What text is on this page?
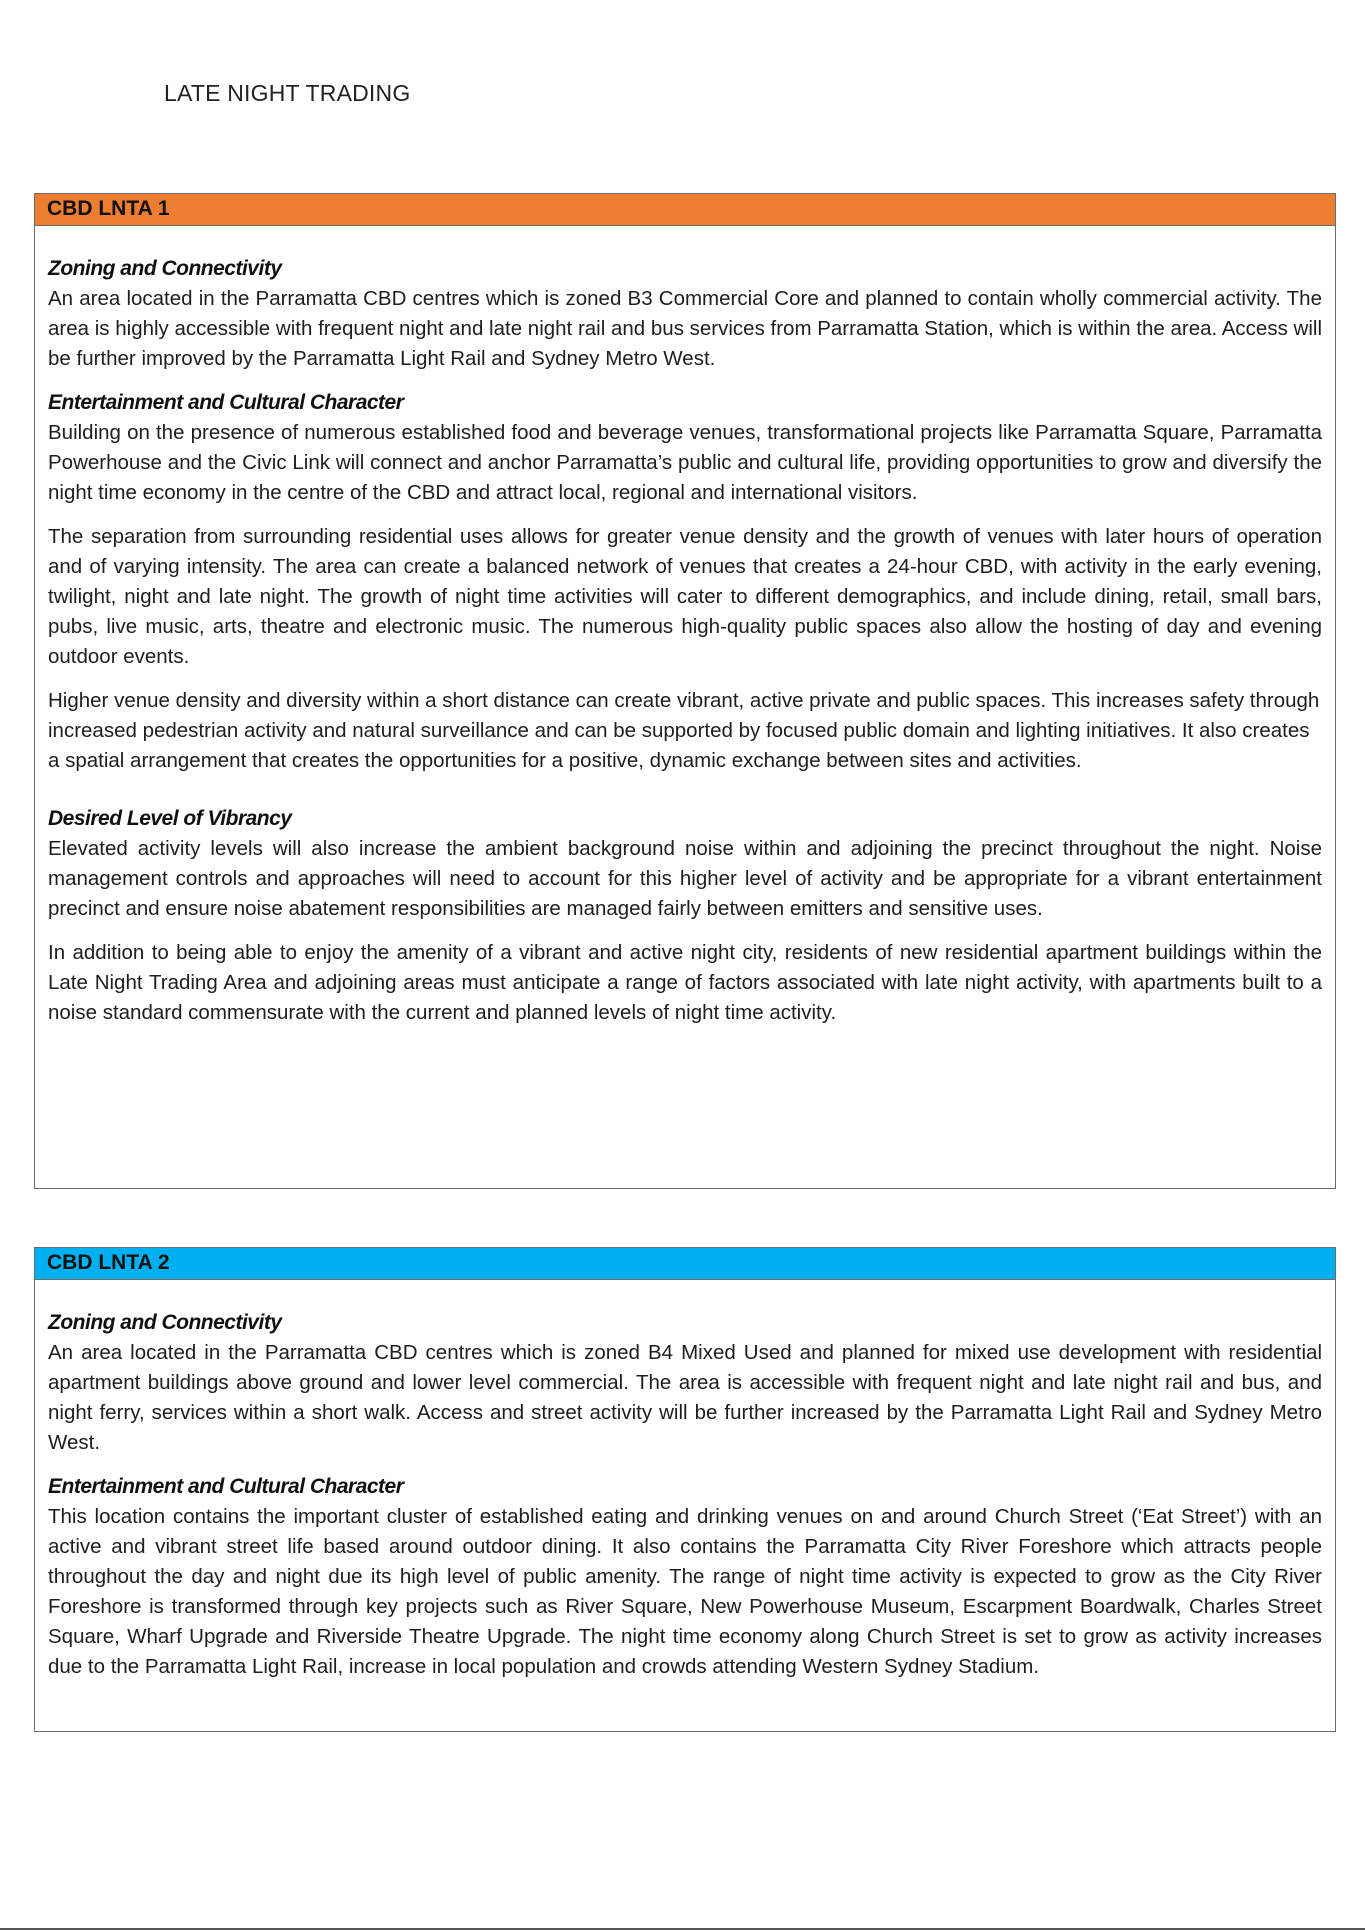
LATE NIGHT TRADING
CBD LNTA 1
Zoning and Connectivity

An area located in the Parramatta CBD centres which is zoned B3 Commercial Core and planned to contain wholly commercial activity. The area is highly accessible with frequent night and late night rail and bus services from Parramatta Station, which is within the area. Access will be further improved by the Parramatta Light Rail and Sydney Metro West.

Entertainment and Cultural Character

Building on the presence of numerous established food and beverage venues, transformational projects like Parramatta Square, Parramatta Powerhouse and the Civic Link will connect and anchor Parramatta’s public and cultural life, providing opportunities to grow and diversify the night time economy in the centre of the CBD and attract local, regional and international visitors.

The separation from surrounding residential uses allows for greater venue density and the growth of venues with later hours of operation and of varying intensity. The area can create a balanced network of venues that creates a 24-hour CBD, with activity in the early evening, twilight, night and late night. The growth of night time activities will cater to different demographics, and include dining, retail, small bars, pubs, live music, arts, theatre and electronic music. The numerous high-quality public spaces also allow the hosting of day and evening outdoor events.

Higher venue density and diversity within a short distance can create vibrant, active private and public spaces. This increases safety through increased pedestrian activity and natural surveillance and can be supported by focused public domain and lighting initiatives. It also creates a spatial arrangement that creates the opportunities for a positive, dynamic exchange between sites and activities.

Desired Level of Vibrancy

Elevated activity levels will also increase the ambient background noise within and adjoining the precinct throughout the night. Noise management controls and approaches will need to account for this higher level of activity and be appropriate for a vibrant entertainment precinct and ensure noise abatement responsibilities are managed fairly between emitters and sensitive uses.

In addition to being able to enjoy the amenity of a vibrant and active night city, residents of new residential apartment buildings within the Late Night Trading Area and adjoining areas must anticipate a range of factors associated with late night activity, with apartments built to a noise standard commensurate with the current and planned levels of night time activity.

CBD LNTA 2
Zoning and Connectivity

An area located in the Parramatta CBD centres which is zoned B4 Mixed Used and planned for mixed use development with residential apartment buildings above ground and lower level commercial. The area is accessible with frequent night and late night rail and bus, and night ferry, services within a short walk. Access and street activity will be further increased by the Parramatta Light Rail and Sydney Metro West.

Entertainment and Cultural Character

This location contains the important cluster of established eating and drinking venues on and around Church Street (‘Eat Street’) with an active and vibrant street life based around outdoor dining. It also contains the Parramatta City River Foreshore which attracts people throughout the day and night due its high level of public amenity. The range of night time activity is expected to grow as the City River Foreshore is transformed through key projects such as River Square, New Powerhouse Museum, Escarpment Boardwalk, Charles Street Square, Wharf Upgrade and Riverside Theatre Upgrade. The night time economy along Church Street is set to grow as activity increases due to the Parramatta Light Rail, increase in local population and crowds attending Western Sydney Stadium.
